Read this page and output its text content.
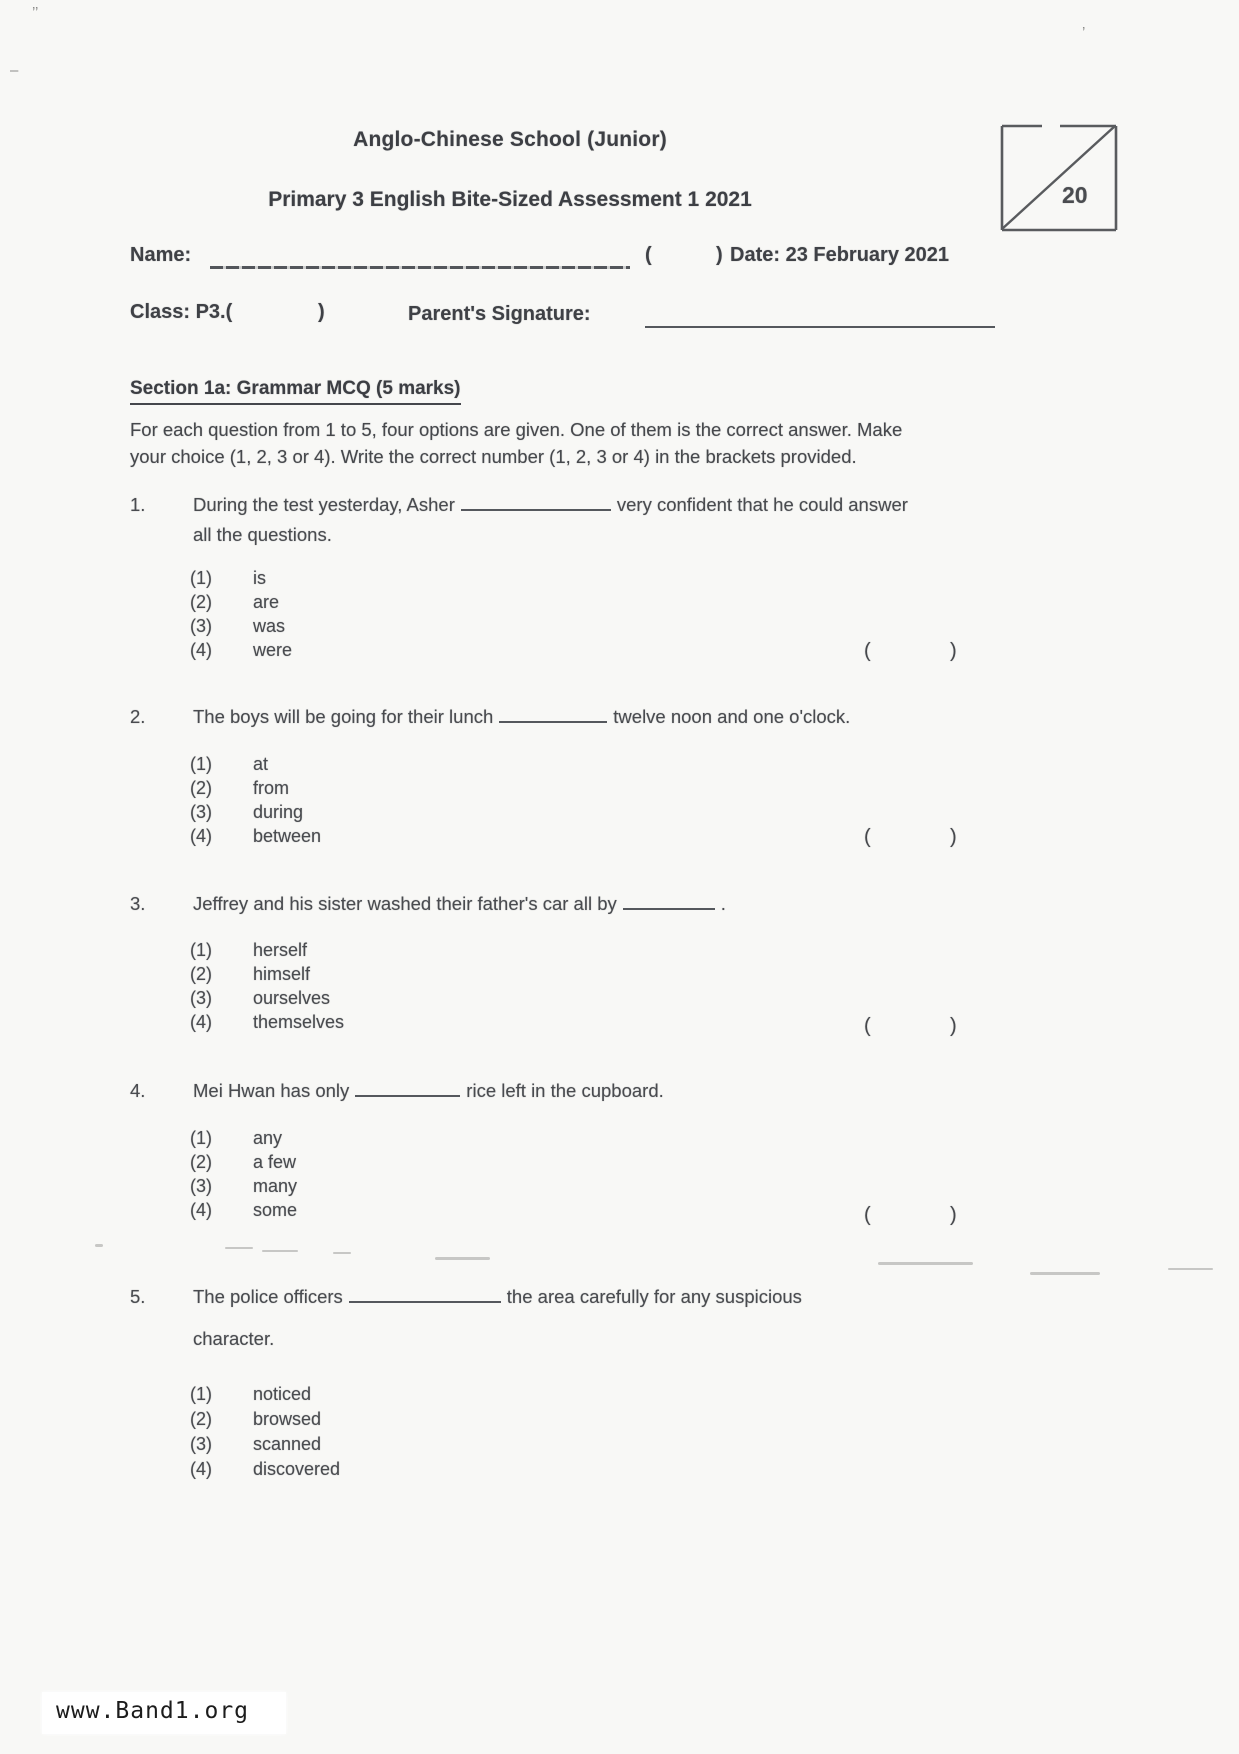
’’
’
–
Anglo-Chinese School (Junior)
Primary 3 English Bite-Sized Assessment 1 2021	20
Name:	(	) Date: 23 February 2021
Class: P3.(	)	Parent's Signature:
Section 1a: Grammar MCQ (5 marks)
For each question from 1 to 5, four options are given. One of them is the correct answer. Make
your choice (1, 2, 3 or 4). Write the correct number (1, 2, 3 or 4) in the brackets provided.
1.	During the test yesterday, Asher	very confident that he could answer
all the questions.
(1) is
(2) are
(3) was
(4) were	(	)
2.	The boys will be going for their lunch	twelve noon and one o'clock.
(1) at
(2) from
(3) during
(4) between	(	)
3.	Jeffrey and his sister washed their father's car all by	.
(1) herself
(2) himself
(3) ourselves
(4) themselves	(	)
4.	Mei Hwan has only	rice left in the cupboard.
(1) any
(2) a few
(3) many
(4) some	(	)
5.	The police officers	the area carefully for any suspicious
character.
(1) noticed
(2) browsed
(3) scanned
(4) discovered
www.Band1.org
